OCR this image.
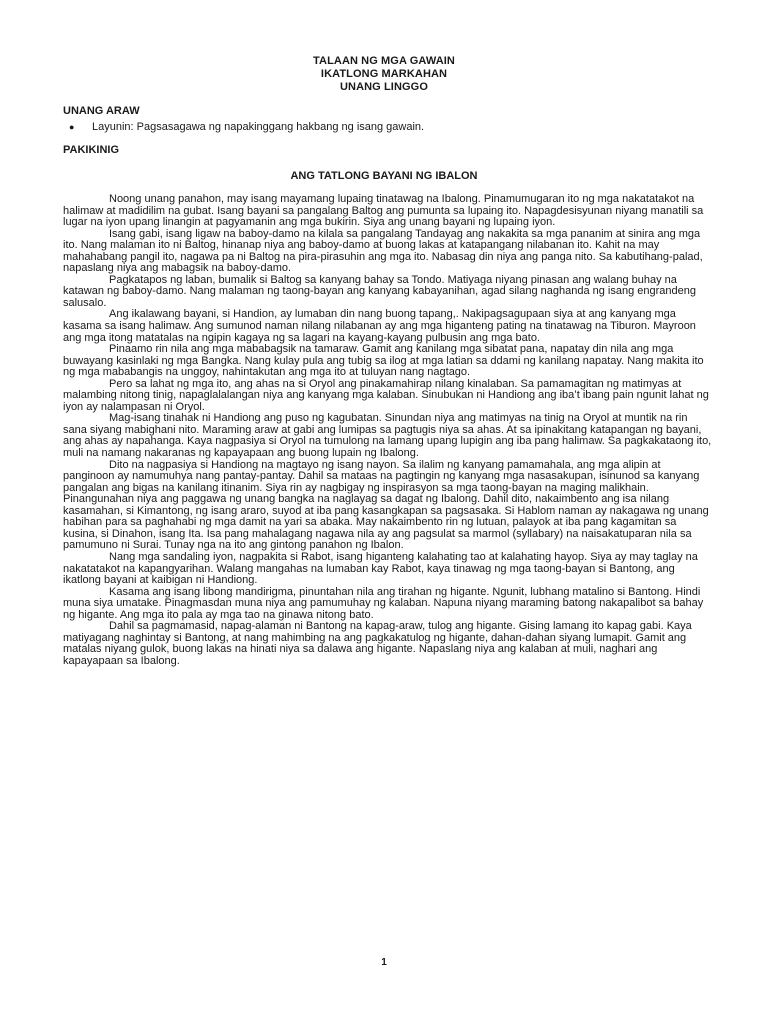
TALAAN NG MGA GAWAIN
IKATLONG MARKAHAN
UNANG LINGGO
UNANG ARAW
●	Layunin: Pagsasagawa ng napakinggang hakbang ng isang gawain.
PAKIKINIG
ANG TATLONG BAYANI NG IBALON

Noong unang panahon, may isang mayamang lupaing tinatawag na Ibalong. Pinamumugaran ito ng mga nakatatakot na halimaw at madidilim na gubat. Isang bayani sa pangalang Baltog ang pumunta sa lupaing ito. Napagdesisyunan niyang manatili sa lugar na iyon upang linangin at pagyamanin ang mga bukirin. Siya ang unang bayani ng lupaing iyon.

Isang gabi, isang ligaw na baboy-damo na kilala sa pangalang Tandayag ang nakakita sa mga pananim at sinira ang mga ito. Nang malaman ito ni Baltog, hinanap niya ang baboy-damo at buong lakas at katapangang nilabanan ito. Kahit na may mahahabang pangil ito, nagawa pa ni Baltog na pira-pirasuhin ang mga ito. Nabasag din niya ang panga nito. Sa kabutihang-palad, napaslang niya ang mabagsik na baboy-damo.

Pagkatapos ng laban, bumalik si Baltog sa kanyang bahay sa Tondo. Matiyaga niyang pinasan ang walang buhay na katawan ng baboy-damo. Nang malaman ng taong-bayan ang kanyang kabayanihan, agad silang naghanda ng isang engrandeng salusalo.

Ang ikalawang bayani, si Handion, ay lumaban din nang buong tapang,. Nakipagsagupaan siya at ang kanyang mga kasama sa isang halimaw. Ang sumunod naman nilang nilabanan ay ang mga higanteng pating na tinatawag na Tiburon. Mayroon ang mga itong matatalas na ngipin kagaya ng sa lagari na kayang-kayang pulbusin ang mga bato.

Pinaamo rin nila ang mga mababagsik na tamaraw. Gamit ang kanilang mga sibatat pana, napatay din nila ang mga buwayang kasinlaki ng mga Bangka. Nang kulay pula ang tubig sa ilog at mga latian sa ddami ng kanilang napatay. Nang makita ito ng mga mababangis na unggoy, nahintakutan ang mga ito at tuluyan nang nagtago.

Pero sa lahat ng mga ito, ang ahas na si Oryol ang pinakamahirap nilang kinalaban. Sa pamamagitan ng matimyas at malambing nitong tinig, napaglalalangan niya ang kanyang mga kalaban. Sinubukan ni Handiong ang iba’t ibang pain ngunit lahat ng iyon ay nalampasan ni Oryol.

Mag-isang tinahak ni Handiong ang puso ng kagubatan. Sinundan niya ang matimyas na tinig na Oryol at muntik na rin sana siyang mabighani nito. Maraming araw at gabi ang lumipas sa pagtugis niya sa ahas. At sa ipinakitang katapangan ng bayani, ang ahas ay napahanga. Kaya nagpasiya si Oryol na tumulong na lamang upang lupigin ang iba pang halimaw. Sa pagkakataong ito, muli na namang nakaranas ng kapayapaan ang buong lupain ng Ibalong.

Dito na nagpasiya si Handiong na magtayo ng isang nayon. Sa ilalim ng kanyang pamamahala, ang mga alipin at panginoon ay namumuhya nang pantay-pantay. Dahil sa mataas na pagtingin ng kanyang mga nasasakupan, isinunod sa kanyang pangalan ang bigas na kanilang itinanim. Siya rin ay nagbigay ng inspirasyon sa mga taong-bayan na maging malikhain. Pinangunahan niya ang paggawa ng unang bangka na naglayag sa dagat ng Ibalong. Dahil dito, nakaimbento ang isa nilang kasamahan, si Kimantong, ng isang araro, suyod at iba pang kasangkapan sa pagsasaka. Si Hablom naman ay nakagawa ng unang habihan para sa paghahabi ng mga damit na yari sa abaka. May nakaimbento rin ng lutuan, palayok at iba pang kagamitan sa kusina, si Dinahon, isang Ita. Isa pang mahalagang nagawa nila ay ang pagsulat sa marmol (syllabary) na naisakatuparan nila sa pamumuno ni Surai. Tunay nga na ito ang gintong panahon ng Ibalon.

Nang mga sandaling iyon, nagpakita si Rabot, isang higanteng kalahating tao at kalahating hayop. Siya ay may taglay na nakatatakot na kapangyarihan. Walang mangahas na lumaban kay Rabot, kaya tinawag ng mga taong-bayan si Bantong, ang ikatlong bayani at kaibigan ni Handiong.

Kasama ang isang libong mandirigma, pinuntahan nila ang tirahan ng higante. Ngunit, lubhang matalino si Bantong. Hindi muna siya umatake. Pinagmasdan muna niya ang pamumuhay ng kalaban. Napuna niyang maraming batong nakapalibot sa bahay ng higante. Ang mga ito pala ay mga tao na ginawa nitong bato.

Dahil sa pagmamasid, napag-alaman ni Bantong na kapag-araw, tulog ang higante. Gising lamang ito kapag gabi. Kaya matiyagang naghintay si Bantong, at nang mahimbing na ang pagkakatulog ng higante, dahan-dahan siyang lumapit. Gamit ang matalas niyang gulok, buong lakas na hinati niya sa dalawa ang higante. Napaslang niya ang kalaban at muli, naghari ang kapayapaan sa Ibalong.

1
